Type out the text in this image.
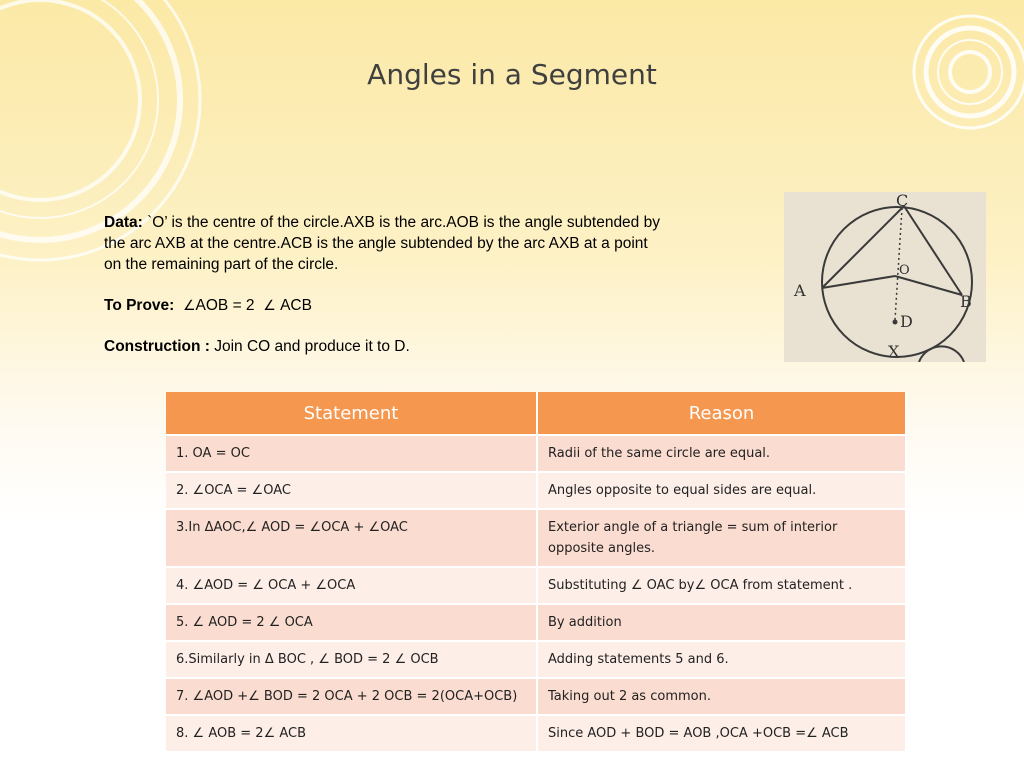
Angles in a Segment

Data: `O’ is the centre of the circle.AXB is the arc.AOB is the angle subtended by the arc AXB at the centre.ACB is the angle subtended by the arc AXB at a point on the remaining part of the circle.

To Prove: ∠AOB = 2 ∠ ACB

Construction : Join CO and produce it to D.

C
O
A
B
D
X
Statement	Reason
1. OA = OC	Radii of the same circle are equal.
2. ∠OCA = ∠OAC	Angles opposite to equal sides are equal.
3.In ΔAOC,∠ AOD = ∠OCA + ∠OAC	Exterior angle of a triangle = sum of interior opposite angles.
4. ∠AOD = ∠ OCA + ∠OCA	Substituting ∠ OAC by∠ OCA from statement .
5. ∠ AOD = 2 ∠ OCA	By addition
6.Similarly in Δ BOC , ∠ BOD = 2 ∠ OCB	Adding statements 5 and 6.
7. ∠AOD +∠ BOD = 2 OCA + 2 OCB = 2(OCA+OCB)	Taking out 2 as common.
8. ∠ AOB = 2∠ ACB	Since AOD + BOD = AOB ,OCA +OCB =∠ ACB
